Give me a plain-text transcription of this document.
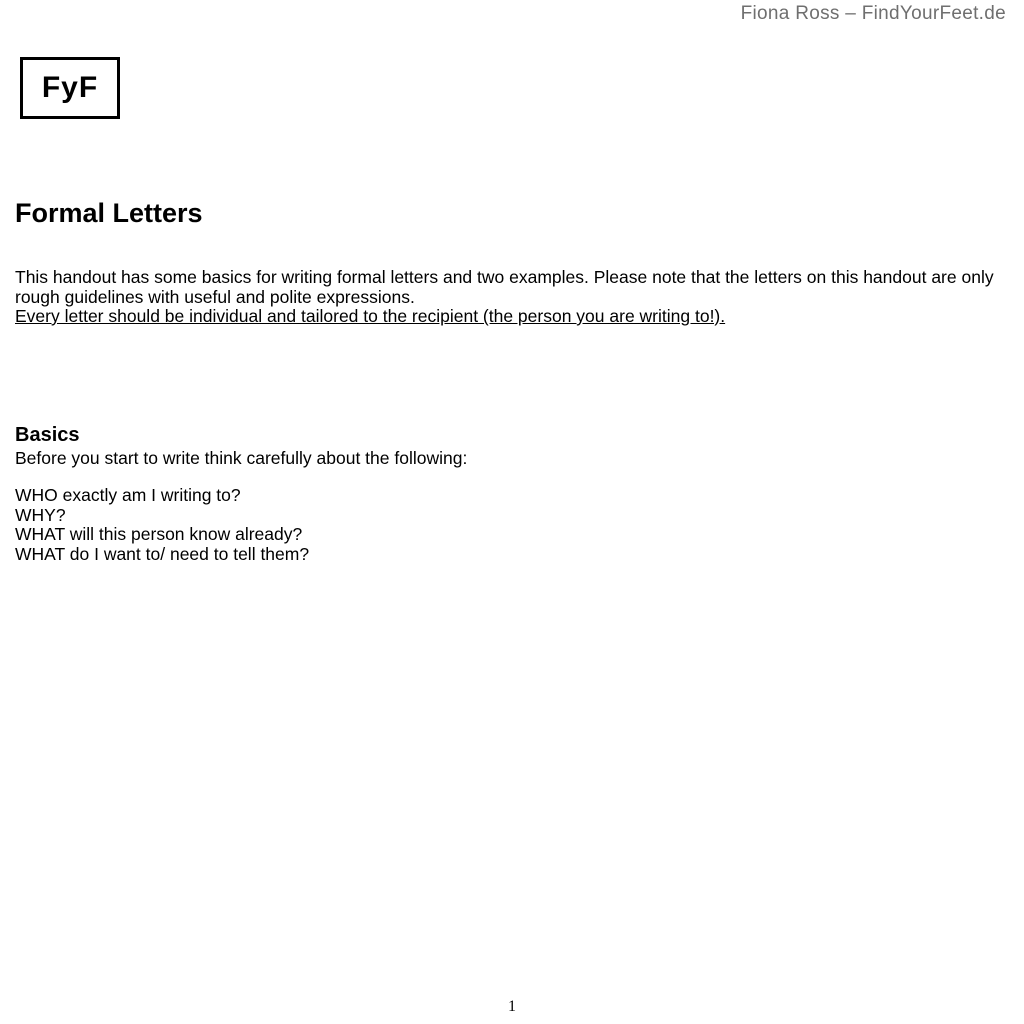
Fiona Ross – FindYourFeet.de
FyF
Formal Letters

This handout has some basics for writing formal letters and two examples. Please note that the letters on this handout are only rough guidelines with useful and polite expressions.

Every letter should be individual and tailored to the recipient (the person you are writing to!).

Basics
Before you start to write think carefully about the following:
WHO exactly am I writing to?
WHY?
WHAT will this person know already?
WHAT do I want to/ need to tell them?
1
